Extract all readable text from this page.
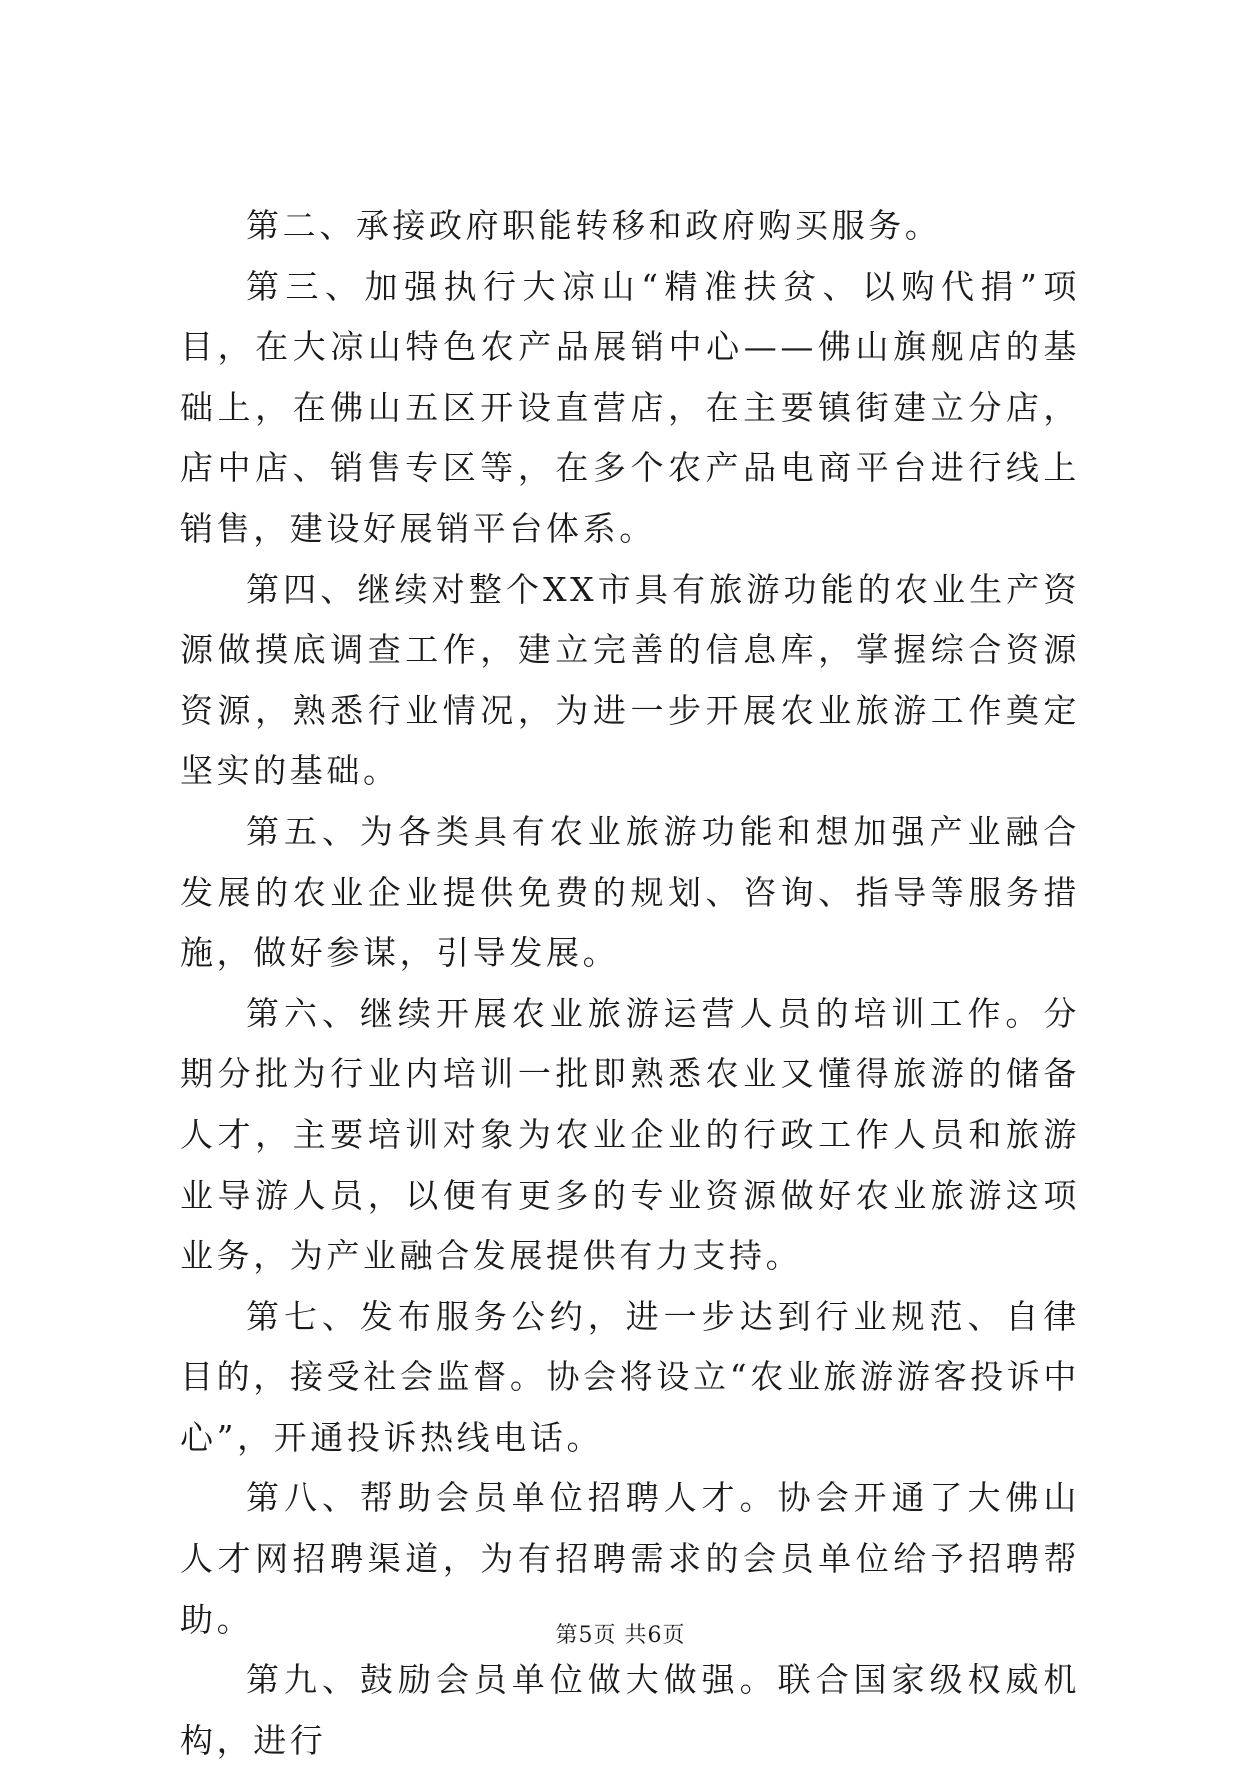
第二、承接政府职能转移和政府购买服务。

第三、加强执行大凉山“精准扶贫、以购代捐”项目，在大凉山特色农产品展销中心——佛山旗舰店的基础上，在佛山五区开设直营店，在主要镇街建立分店，店中店、销售专区等，在多个农产品电商平台进行线上销售，建设好展销平台体系。

第四、继续对整个XX市具有旅游功能的农业生产资源做摸底调查工作，建立完善的信息库，掌握综合资源资源，熟悉行业情况，为进一步开展农业旅游工作奠定坚实的基础。

第五、为各类具有农业旅游功能和想加强产业融合发展的农业企业提供免费的规划、咨询、指导等服务措施，做好参谋，引导发展。

第六、继续开展农业旅游运营人员的培训工作。分期分批为行业内培训一批即熟悉农业又懂得旅游的储备人才，主要培训对象为农业企业的行政工作人员和旅游业导游人员，以便有更多的专业资源做好农业旅游这项业务，为产业融合发展提供有力支持。

第七、发布服务公约，进一步达到行业规范、自律目的，接受社会监督。协会将设立“农业旅游游客投诉中心”，开通投诉热线电话。

第八、帮助会员单位招聘人才。协会开通了大佛山人才网招聘渠道，为有招聘需求的会员单位给予招聘帮助。

第九、鼓励会员单位做大做强。联合国家级权威机构，进行

第5页 共6页
